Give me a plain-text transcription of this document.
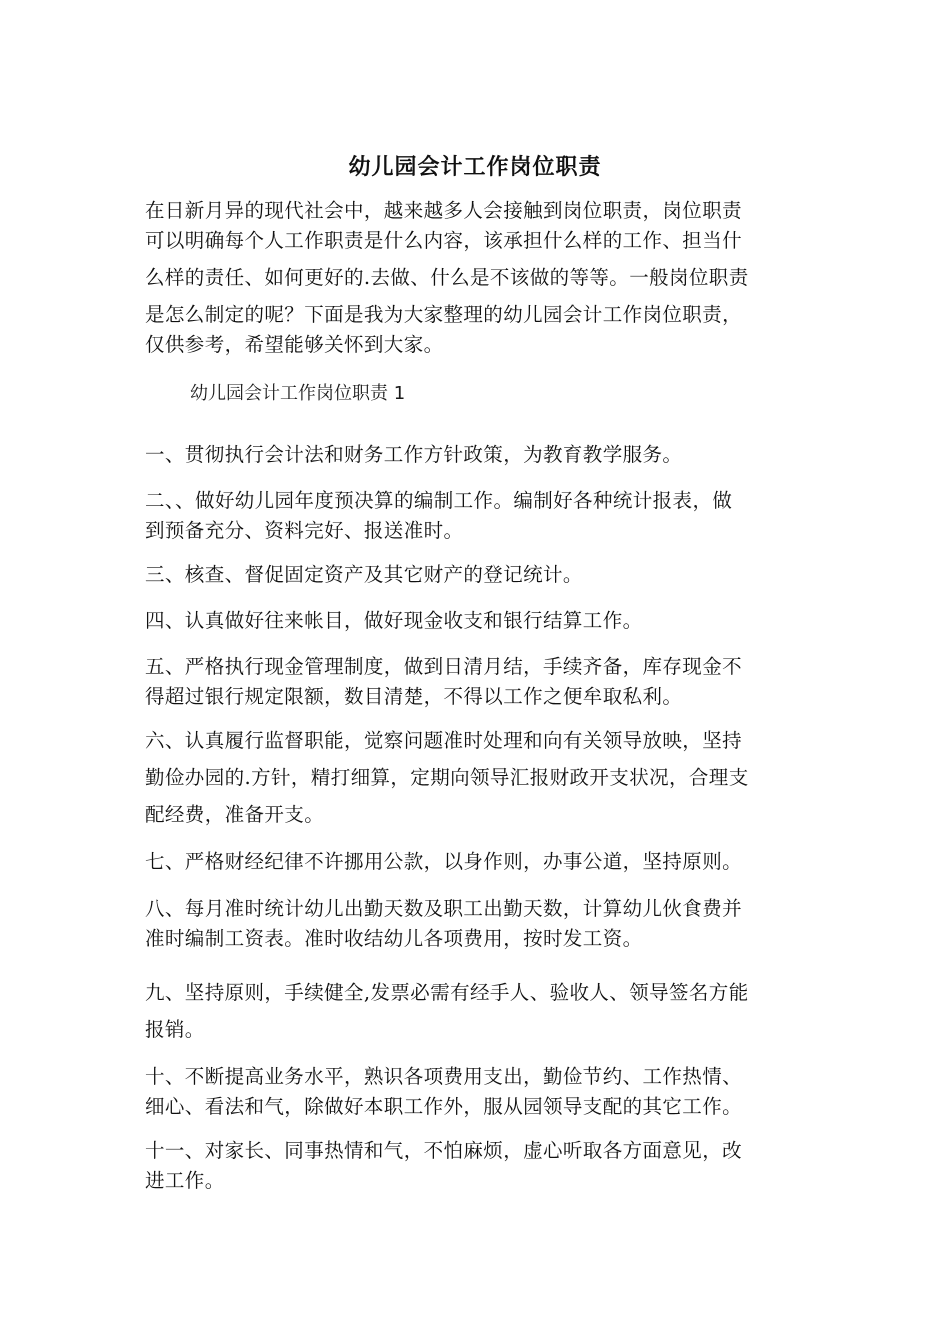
幼儿园会计工作岗位职责

在日新月异的现代社会中，越来越多人会接触到岗位职责，岗位职责
可以明确每个人工作职责是什么内容，该承担什么样的工作、担当什
么样的责任、如何更好的.去做、什么是不该做的等等。一般岗位职责
是怎么制定的呢？下面是我为大家整理的幼儿园会计工作岗位职责，
仅供参考，希望能够关怀到大家。

幼儿园会计工作岗位职责 1

一、贯彻执行会计法和财务工作方针政策，为教育教学服务。

二、、做好幼儿园年度预决算的编制工作。编制好各种统计报表，做
到预备充分、资料完好、报送准时。

三、核查、督促固定资产及其它财产的登记统计。

四、认真做好往来帐目，做好现金收支和银行结算工作。

五、严格执行现金管理制度，做到日清月结，手续齐备，库存现金不
得超过银行规定限额，数目清楚，不得以工作之便牟取私利。

六、认真履行监督职能，觉察问题准时处理和向有关领导放映，坚持
勤俭办园的.方针，精打细算，定期向领导汇报财政开支状况，合理支
配经费，准备开支。

七、严格财经纪律不许挪用公款，以身作则，办事公道，坚持原则。

八、每月准时统计幼儿出勤天数及职工出勤天数，计算幼儿伙食费并
准时编制工资表。准时收结幼儿各项费用，按时发工资。

九、坚持原则，手续健全,发票必需有经手人、验收人、领导签名方能
报销。

十、不断提高业务水平，熟识各项费用支出，勤俭节约、工作热情、
细心、看法和气，除做好本职工作外，服从园领导支配的其它工作。

十一、对家长、同事热情和气，不怕麻烦，虚心听取各方面意见，改
进工作。
